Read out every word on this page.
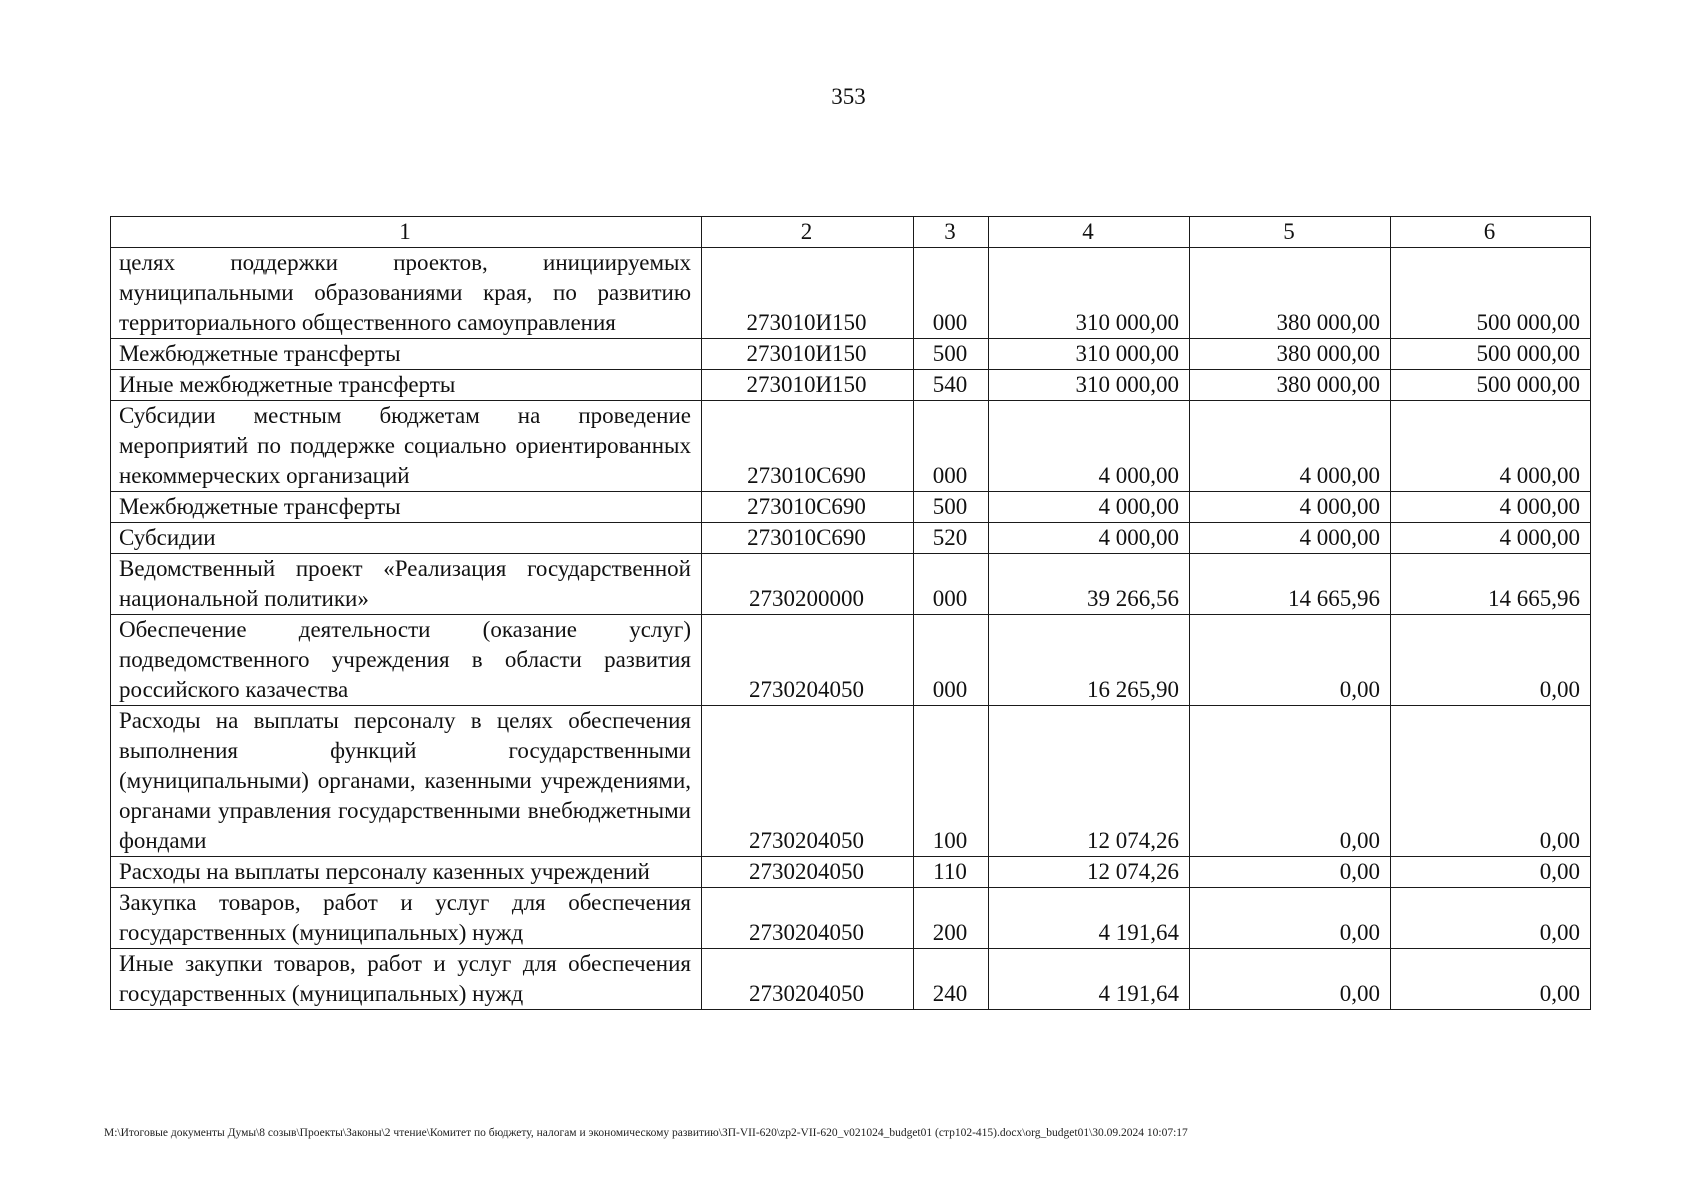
353
1	2	3	4	5	6
целях поддержки проектов, инициируемых муниципальными образованиями края, по развитию территориального общественного самоуправления	273010И150	000	310 000,00	380 000,00	500 000,00
Межбюджетные трансферты	273010И150	500	310 000,00	380 000,00	500 000,00
Иные межбюджетные трансферты	273010И150	540	310 000,00	380 000,00	500 000,00
Субсидии местным бюджетам на проведение мероприятий по поддержке социально ориентированных некоммерческих организаций	273010С690	000	4 000,00	4 000,00	4 000,00
Межбюджетные трансферты	273010С690	500	4 000,00	4 000,00	4 000,00
Субсидии	273010С690	520	4 000,00	4 000,00	4 000,00
Ведомственный проект «Реализация государственной национальной политики»	2730200000	000	39 266,56	14 665,96	14 665,96
Обеспечение деятельности (оказание услуг) подведомственного учреждения в области развития российского казачества	2730204050	000	16 265,90	0,00	0,00
Расходы на выплаты персоналу в целях обеспечения выполнения функций государственными (муниципальными) органами, казенными учреждениями, органами управления государственными внебюджетными фондами	2730204050	100	12 074,26	0,00	0,00
Расходы на выплаты персоналу казенных учреждений	2730204050	110	12 074,26	0,00	0,00
Закупка товаров, работ и услуг для обеспечения государственных (муниципальных) нужд	2730204050	200	4 191,64	0,00	0,00
Иные закупки товаров, работ и услуг для обеспечения государственных (муниципальных) нужд	2730204050	240	4 191,64	0,00	0,00
М:\Итоговые документы Думы\8 созыв\Проекты\Законы\2 чтение\Комитет по бюджету, налогам и экономическому развитию\ЗП-VII-620\zp2-VII-620_v021024_budget01 (стр102-415).docx\org_budget01\30.09.2024 10:07:17
